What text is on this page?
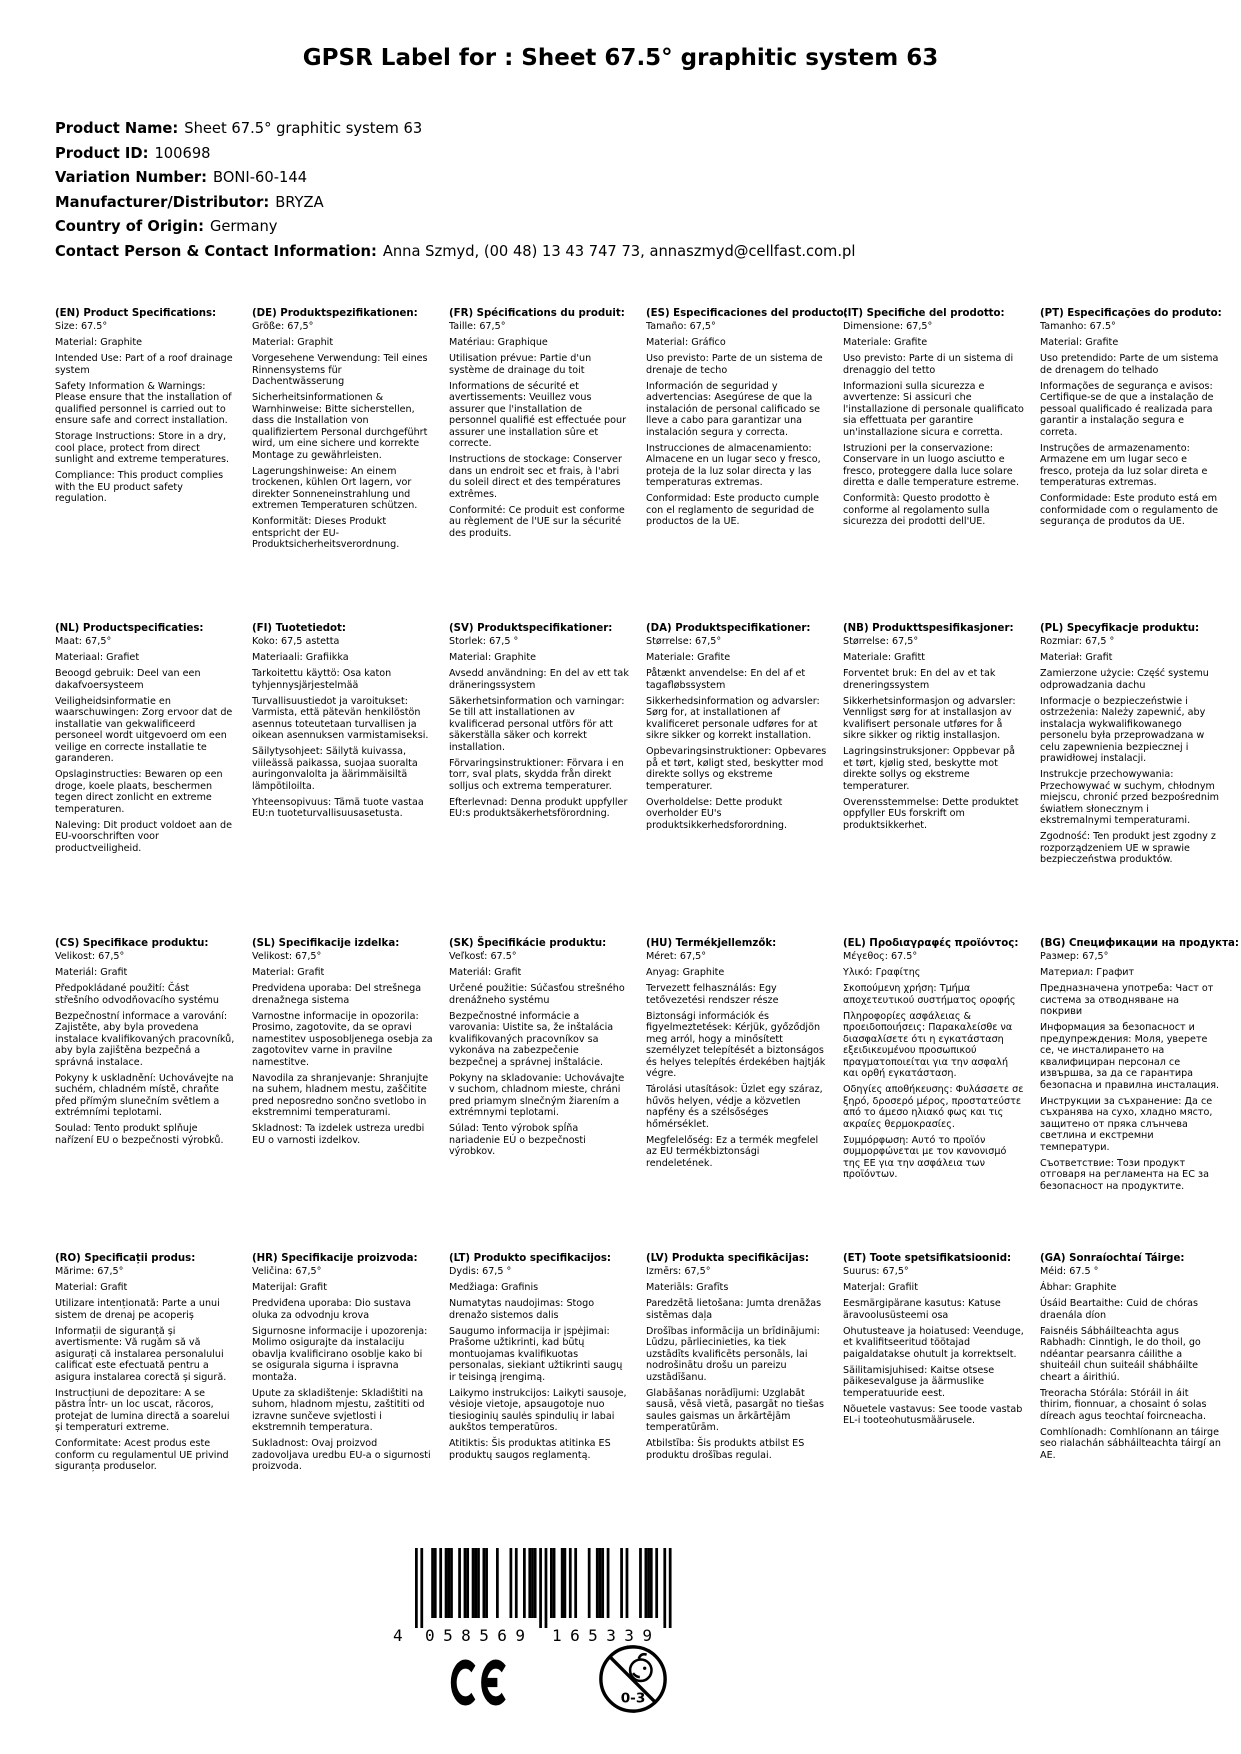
GPSR Label for : Sheet 67.5° graphitic system 63
Product Name: Sheet 67.5° graphitic system 63
Product ID: 100698
Variation Number: BONI-60-144
Manufacturer/Distributor: BRYZA
Country of Origin: Germany
Contact Person & Contact Information: Anna Szmyd, (00 48) 13 43 747 73, annaszmyd@cellfast.com.pl
(EN) Product Specifications:

Size: 67.5°

Material: Graphite

Intended Use: Part of a roof drainage system

Safety Information & Warnings: Please ensure that the installation of qualified personnel is carried out to ensure safe and correct installation.

Storage Instructions: Store in a dry, cool place, protect from direct sunlight and extreme temperatures.

Compliance: This product complies with the EU product safety regulation.

(DE) Produktspezifikationen:

Größe: 67,5°

Material: Graphit

Vorgesehene Verwendung: Teil eines Rinnensystems für Dachentwässerung

Sicherheitsinformationen & Warnhinweise: Bitte sicherstellen, dass die Installation von qualifiziertem Personal durchgeführt wird, um eine sichere und korrekte Montage zu gewährleisten.

Lagerungshinweise: An einem trockenen, kühlen Ort lagern, vor direkter Sonneneinstrahlung und extremen Temperaturen schützen.

Konformität: Dieses Produkt entspricht der EU-Produktsicherheitsverordnung.

(FR) Spécifications du produit:

Taille: 67,5°

Matériau: Graphique

Utilisation prévue: Partie d'un système de drainage du toit

Informations de sécurité et avertissements: Veuillez vous assurer que l'installation de personnel qualifié est effectuée pour assurer une installation sûre et correcte.

Instructions de stockage: Conserver dans un endroit sec et frais, à l'abri du soleil direct et des températures extrêmes.

Conformité: Ce produit est conforme au règlement de l'UE sur la sécurité des produits.

(ES) Especificaciones del producto:

Tamaño: 67,5°

Material: Gráfico

Uso previsto: Parte de un sistema de drenaje de techo

Información de seguridad y advertencias: Asegúrese de que la instalación de personal calificado se lleve a cabo para garantizar una instalación segura y correcta.

Instrucciones de almacenamiento: Almacene en un lugar seco y fresco, proteja de la luz solar directa y las temperaturas extremas.

Conformidad: Este producto cumple con el reglamento de seguridad de productos de la UE.

(IT) Specifiche del prodotto:

Dimensione: 67,5°

Materiale: Grafite

Uso previsto: Parte di un sistema di drenaggio del tetto

Informazioni sulla sicurezza e avvertenze: Si assicuri che l'installazione di personale qualificato sia effettuata per garantire un'installazione sicura e corretta.

Istruzioni per la conservazione: Conservare in un luogo asciutto e fresco, proteggere dalla luce solare diretta e dalle temperature estreme.

Conformità: Questo prodotto è conforme al regolamento sulla sicurezza dei prodotti dell'UE.

(PT) Especificações do produto:

Tamanho: 67.5°

Material: Grafite

Uso pretendido: Parte de um sistema de drenagem do telhado

Informações de segurança e avisos: Certifique-se de que a instalação de pessoal qualificado é realizada para garantir a instalação segura e correta.

Instruções de armazenamento: Armazene em um lugar seco e fresco, proteja da luz solar direta e temperaturas extremas.

Conformidade: Este produto está em conformidade com o regulamento de segurança de produtos da UE.

(NL) Productspecificaties:

Maat: 67,5°

Materiaal: Grafiet

Beoogd gebruik: Deel van een dakafvoersysteem

Veiligheidsinformatie en waarschuwingen: Zorg ervoor dat de installatie van gekwalificeerd personeel wordt uitgevoerd om een veilige en correcte installatie te garanderen.

Opslaginstructies: Bewaren op een droge, koele plaats, beschermen tegen direct zonlicht en extreme temperaturen.

Naleving: Dit product voldoet aan de EU-voorschriften voor productveiligheid.

(FI) Tuotetiedot:

Koko: 67,5 astetta

Materiaali: Grafiikka

Tarkoitettu käyttö: Osa katon tyhjennysjärjestelmää

Turvallisuustiedot ja varoitukset: Varmista, että pätevän henkilöstön asennus toteutetaan turvallisen ja oikean asennuksen varmistamiseksi.

Säilytysohjeet: Säilytä kuivassa, viileässä paikassa, suojaa suoralta auringonvalolta ja äärimmäisiltä lämpötiloilta.

Yhteensopivuus: Tämä tuote vastaa EU:n tuoteturvallisuusasetusta.

(SV) Produktspecifikationer:

Storlek: 67,5 °

Material: Graphite

Avsedd användning: En del av ett tak dräneringssystem

Säkerhetsinformation och varningar: Se till att installationen av kvalificerad personal utförs för att säkerställa säker och korrekt installation.

Förvaringsinstruktioner: Förvara i en torr, sval plats, skydda från direkt solljus och extrema temperaturer.

Efterlevnad: Denna produkt uppfyller EU:s produktsäkerhetsförordning.

(DA) Produktspecifikationer:

Størrelse: 67,5°

Materiale: Grafite

Påtænkt anvendelse: En del af et tagafløbssystem

Sikkerhedsinformation og advarsler: Sørg for, at installationen af kvalificeret personale udføres for at sikre sikker og korrekt installation.

Opbevaringsinstruktioner: Opbevares på et tørt, køligt sted, beskytter mod direkte sollys og ekstreme temperaturer.

Overholdelse: Dette produkt overholder EU's produktsikkerhedsforordning.

(NB) Produkttspesifikasjoner:

Størrelse: 67,5°

Materiale: Grafitt

Forventet bruk: En del av et tak dreneringssystem

Sikkerhetsinformasjon og advarsler: Vennligst sørg for at installasjon av kvalifisert personale utføres for å sikre sikker og riktig installasjon.

Lagringsinstruksjoner: Oppbevar på et tørt, kjølig sted, beskytte mot direkte sollys og ekstreme temperaturer.

Overensstemmelse: Dette produktet oppfyller EUs forskrift om produktsikkerhet.

(PL) Specyfikacje produktu:

Rozmiar: 67,5 °

Materiał: Grafit

Zamierzone użycie: Część systemu odprowadzania dachu

Informacje o bezpieczeństwie i ostrzeżenia: Należy zapewnić, aby instalacja wykwalifikowanego personelu była przeprowadzana w celu zapewnienia bezpiecznej i prawidłowej instalacji.

Instrukcje przechowywania: Przechowywać w suchym, chłodnym miejscu, chronić przed bezpośrednim światłem słonecznym i ekstremalnymi temperaturami.

Zgodność: Ten produkt jest zgodny z rozporządzeniem UE w sprawie bezpieczeństwa produktów.

(CS) Specifikace produktu:

Velikost: 67,5°

Materiál: Grafit

Předpokládané použití: Část střešního odvodňovacího systému

Bezpečnostní informace a varování: Zajistěte, aby byla provedena instalace kvalifikovaných pracovníků, aby byla zajištěna bezpečná a správná instalace.

Pokyny k uskladnění: Uchovávejte na suchém, chladném místě, chraňte před přímým slunečním světlem a extrémními teplotami.

Soulad: Tento produkt splňuje nařízení EU o bezpečnosti výrobků.

(SL) Specifikacije izdelka:

Velikost: 67,5°

Material: Grafit

Predvidena uporaba: Del strešnega drenažnega sistema

Varnostne informacije in opozorila: Prosimo, zagotovite, da se opravi namestitev usposobljenega osebja za zagotovitev varne in pravilne namestitve.

Navodila za shranjevanje: Shranjujte na suhem, hladnem mestu, zaščitite pred neposredno sončno svetlobo in ekstremnimi temperaturami.

Skladnost: Ta izdelek ustreza uredbi EU o varnosti izdelkov.

(SK) Špecifikácie produktu:

Veľkosť: 67.5°

Materiál: Grafit

Určené použitie: Súčasťou strešného drenážneho systému

Bezpečnostné informácie a varovania: Uistite sa, že inštalácia kvalifikovaných pracovníkov sa vykonáva na zabezpečenie bezpečnej a správnej inštalácie.

Pokyny na skladovanie: Uchovávajte v suchom, chladnom mieste, chráni pred priamym slnečným žiarením a extrémnymi teplotami.

Súlad: Tento výrobok spĺňa nariadenie EÚ o bezpečnosti výrobkov.

(HU) Termékjellemzők:

Méret: 67,5°

Anyag: Graphite

Tervezett felhasználás: Egy tetővezetési rendszer része

Biztonsági információk és figyelmeztetések: Kérjük, győződjön meg arról, hogy a minősített személyzet telepítését a biztonságos és helyes telepítés érdekében hajtják végre.

Tárolási utasítások: Üzlet egy száraz, hűvös helyen, védje a közvetlen napfény és a szélsőséges hőmérséklet.

Megfelelőség: Ez a termék megfelel az EU termékbiztonsági rendeletének.

(EL) Προδιαγραφές προϊόντος:

Μέγεθος: 67.5°

Υλικό: Γραφίτης

Σκοπούμενη χρήση: Τμήμα αποχετευτικού συστήματος οροφής

Πληροφορίες ασφάλειας & προειδοποιήσεις: Παρακαλείσθε να διασφαλίσετε ότι η εγκατάσταση εξειδικευμένου προσωπικού πραγματοποιείται για την ασφαλή και ορθή εγκατάσταση.

Οδηγίες αποθήκευσης: Φυλάσσετε σε ξηρό, δροσερό μέρος, προστατεύστε από το άμεσο ηλιακό φως και τις ακραίες θερμοκρασίες.

Συμμόρφωση: Αυτό το προϊόν συμμορφώνεται με τον κανονισμό της ΕΕ για την ασφάλεια των προϊόντων.

(BG) Спецификации на продукта:

Размер: 67,5°

Материал: Графит

Предназначена употреба: Част от система за отводняване на покриви

Информация за безопасност и предупреждения: Моля, уверете се, че инсталирането на квалифициран персонал се извършва, за да се гарантира безопасна и правилна инсталация.

Инструкции за съхранение: Да се съхранява на сухо, хладно място, защитено от пряка слънчева светлина и екстремни температури.

Съответствие: Този продукт отговаря на регламента на ЕС за безопасност на продуктите.

(RO) Specificații produs:

Mărime: 67,5°

Material: Grafit

Utilizare intenționată: Parte a unui sistem de drenaj pe acoperiș

Informații de siguranță și avertismente: Vă rugăm să vă asigurați că instalarea personalului calificat este efectuată pentru a asigura instalarea corectă și sigură.

Instrucțiuni de depozitare: A se păstra într- un loc uscat, răcoros, protejat de lumina directă a soarelui și temperaturi extreme.

Conformitate: Acest produs este conform cu regulamentul UE privind siguranța produselor.

(HR) Specifikacije proizvoda:

Veličina: 67,5°

Materijal: Grafit

Predviđena uporaba: Dio sustava oluka za odvodnju krova

Sigurnosne informacije i upozorenja: Molimo osigurajte da instalaciju obavlja kvalificirano osoblje kako bi se osigurala sigurna i ispravna montaža.

Upute za skladištenje: Skladištiti na suhom, hladnom mjestu, zaštititi od izravne sunčeve svjetlosti i ekstremnih temperatura.

Sukladnost: Ovaj proizvod zadovoljava uredbu EU-a o sigurnosti proizvoda.

(LT) Produkto specifikacijos:

Dydis: 67,5 °

Medžiaga: Grafinis

Numatytas naudojimas: Stogo drenažo sistemos dalis

Saugumo informacija ir įspėjimai: Prašome užtikrinti, kad būtų montuojamas kvalifikuotas personalas, siekiant užtikrinti saugų ir teisingą įrengimą.

Laikymo instrukcijos: Laikyti sausoje, vėsioje vietoje, apsaugotoje nuo tiesioginių saulės spindulių ir labai aukštos temperatūros.

Atitiktis: Šis produktas atitinka ES produktų saugos reglamentą.

(LV) Produkta specifikācijas:

Izmērs: 67,5°

Materiāls: Grafīts

Paredzētā lietošana: Jumta drenāžas sistēmas daļa

Drošības informācija un brīdinājumi: Lūdzu, pārliecinieties, ka tiek uzstādīts kvalificēts personāls, lai nodrošinātu drošu un pareizu uzstādīšanu.

Glabāšanas norādījumi: Uzglabāt sausā, vēsā vietā, pasargāt no tiešas saules gaismas un ārkārtējām temperatūrām.

Atbilstība: Šis produkts atbilst ES produktu drošības regulai.

(ET) Toote spetsifikatsioonid:

Suurus: 67,5°

Materjal: Grafiit

Eesmärgipärane kasutus: Katuse äravoolusüsteemi osa

Ohutusteave ja hoiatused: Veenduge, et kvalifitseeritud töötajad paigaldatakse ohutult ja korrektselt.

Säilitamisjuhised: Kaitse otsese päikesevalguse ja äärmuslike temperatuuride eest.

Nõuetele vastavus: See toode vastab EL-i tooteohutusmäärusele.

(GA) Sonraíochtaí Táirge:

Méid: 67.5 °

Ábhar: Graphite

Úsáid Beartaithe: Cuid de chóras draenála díon

Faisnéis Sábháilteachta agus Rabhadh: Cinntigh, le do thoil, go ndéantar pearsanra cáilithe a shuiteáil chun suiteáil shábháilte cheart a áirithiú.

Treoracha Stórála: Stóráil in áit thirim, fionnuar, a chosaint ó solas díreach agus teochtaí foircneacha.

Comhlíonadh: Comhlíonann an táirge seo rialachán sábháilteachta táirgí an AE.

4 058569 165339
0-3
